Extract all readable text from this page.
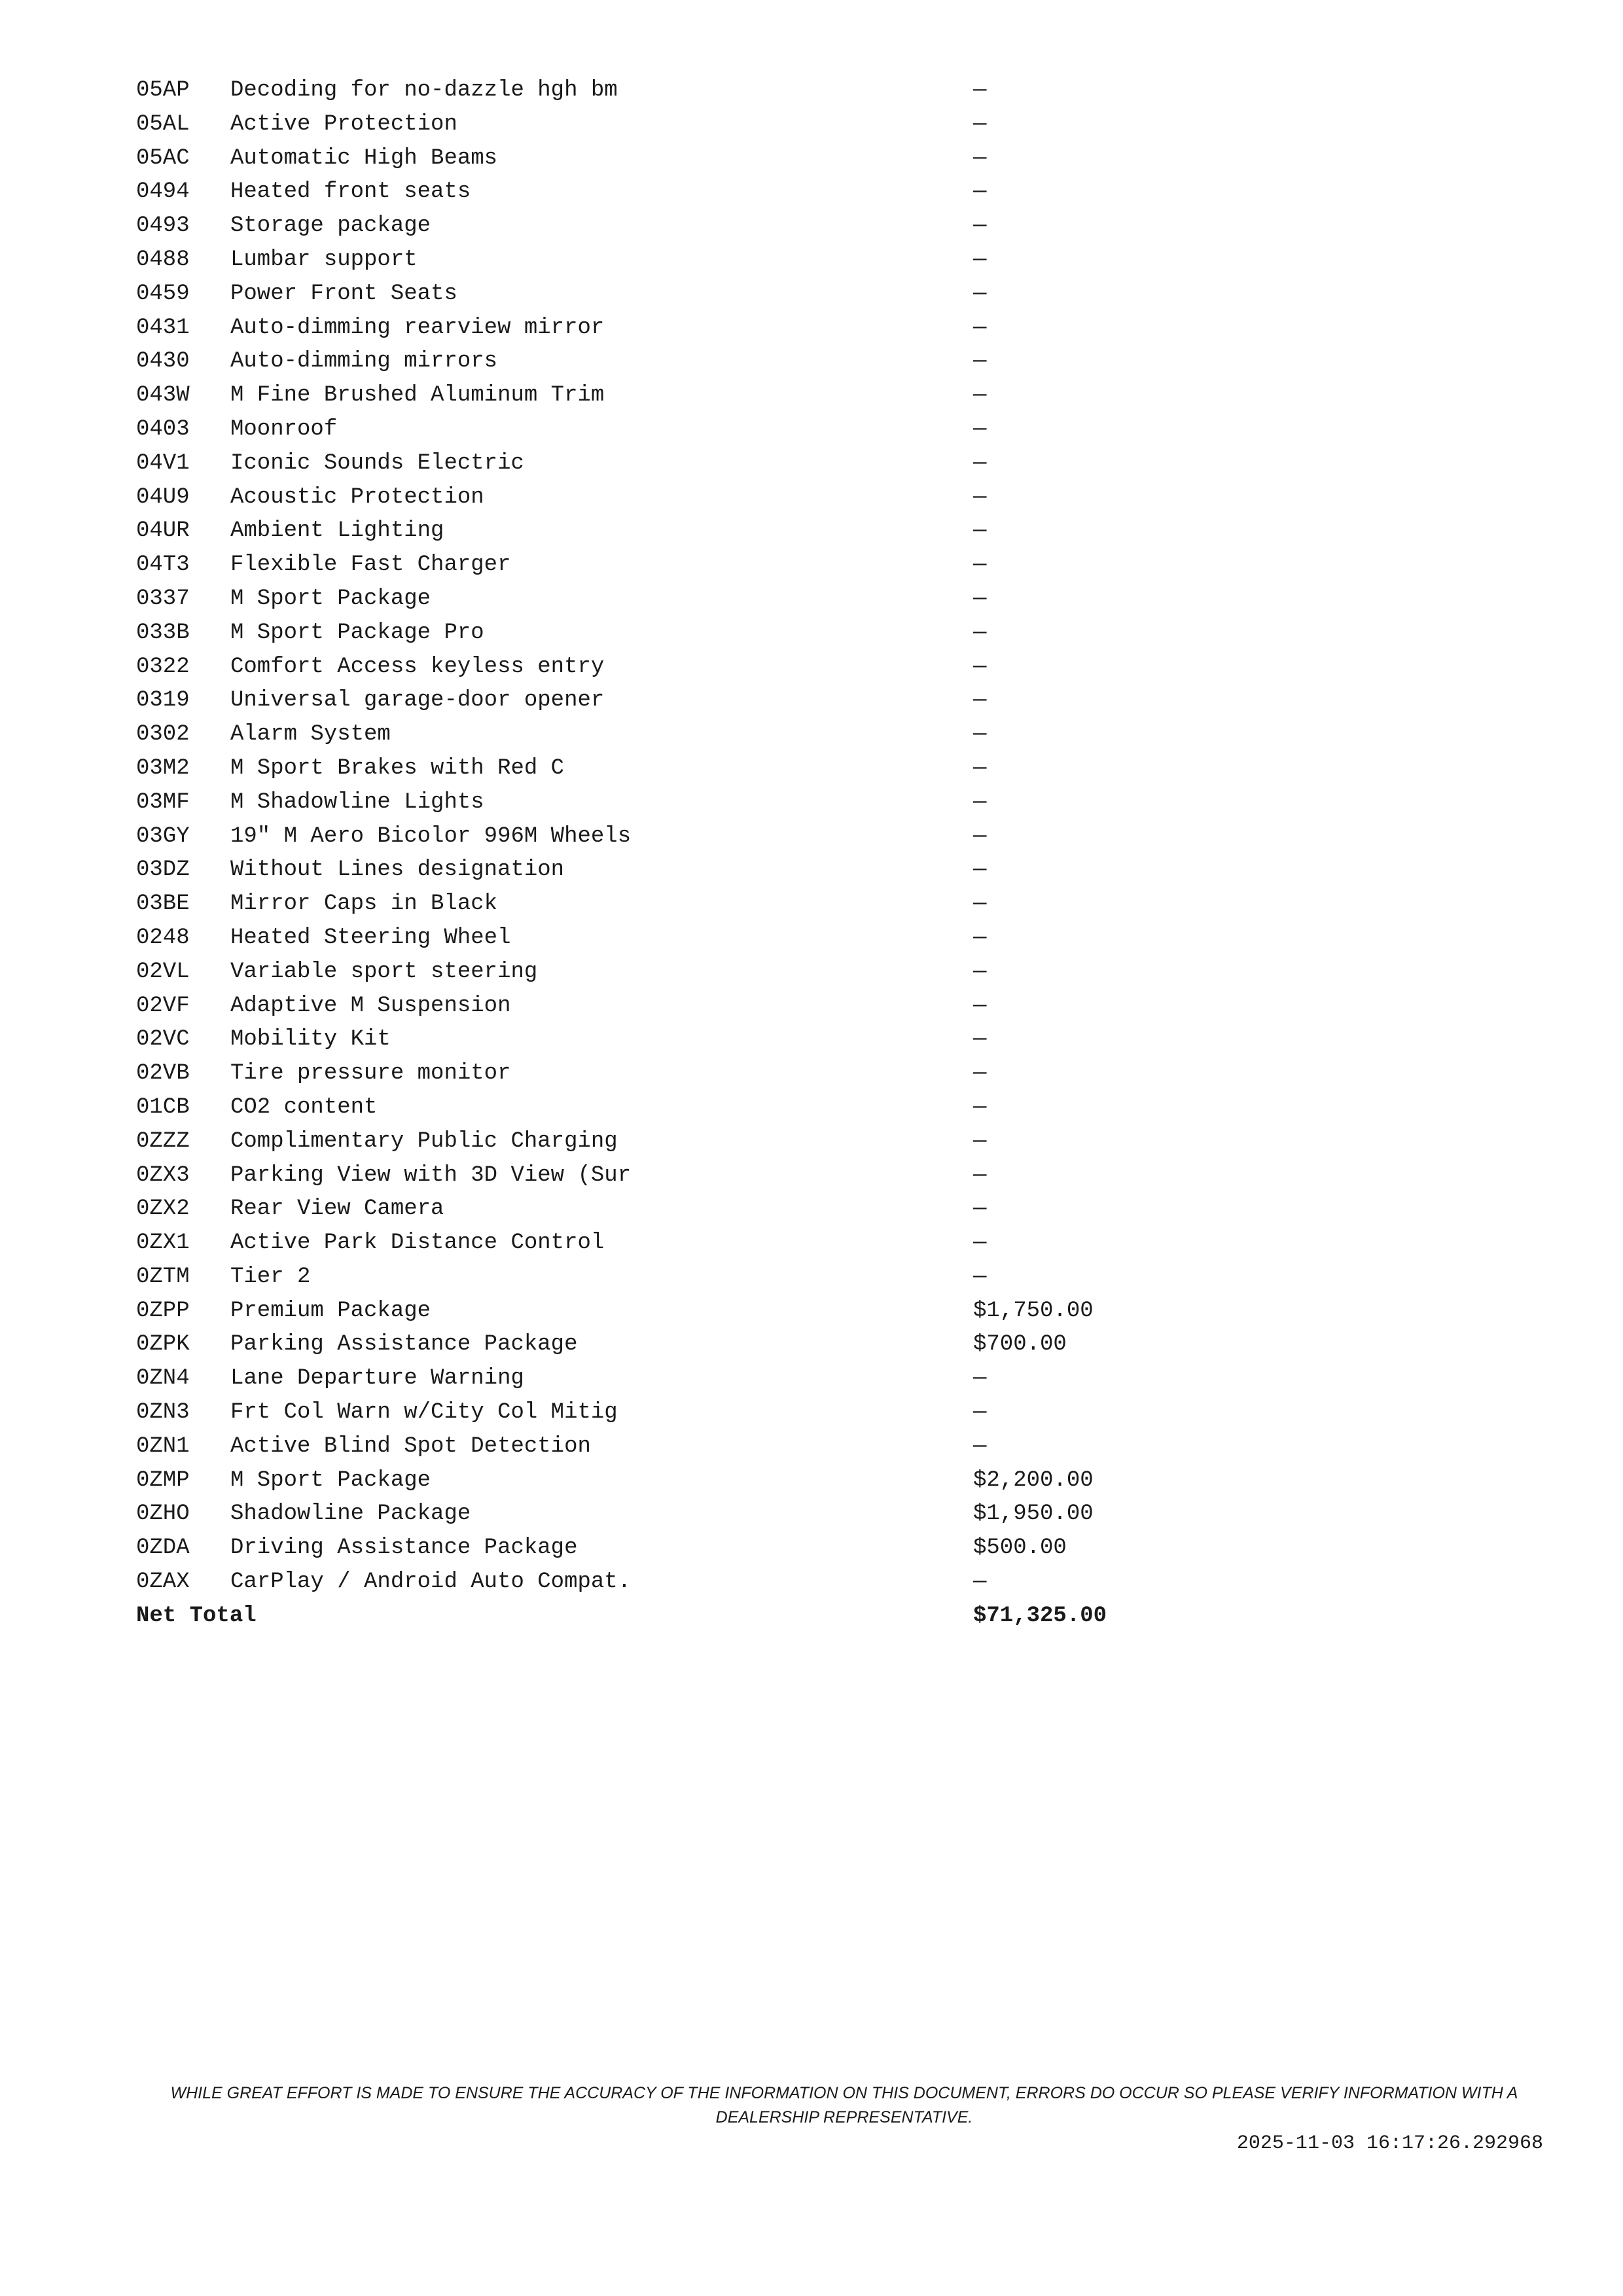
05AP	Decoding for no-dazzle hgh bm	—
05AL	Active Protection	—
05AC	Automatic High Beams	—
0494	Heated front seats	—
0493	Storage package	—
0488	Lumbar support	—
0459	Power Front Seats	—
0431	Auto-dimming rearview mirror	—
0430	Auto-dimming mirrors	—
043W	M Fine Brushed Aluminum Trim	—
0403	Moonroof	—
04V1	Iconic Sounds Electric	—
04U9	Acoustic Protection	—
04UR	Ambient Lighting	—
04T3	Flexible Fast Charger	—
0337	M Sport Package	—
033B	M Sport Package Pro	—
0322	Comfort Access keyless entry	—
0319	Universal garage-door opener	—
0302	Alarm System	—
03M2	M Sport Brakes with Red C	—
03MF	M Shadowline Lights	—
03GY	19" M Aero Bicolor 996M Wheels	—
03DZ	Without Lines designation	—
03BE	Mirror Caps in Black	—
0248	Heated Steering Wheel	—
02VL	Variable sport steering	—
02VF	Adaptive M Suspension	—
02VC	Mobility Kit	—
02VB	Tire pressure monitor	—
01CB	CO2 content	—
0ZZZ	Complimentary Public Charging	—
0ZX3	Parking View with 3D View (Sur	—
0ZX2	Rear View Camera	—
0ZX1	Active Park Distance Control	—
0ZTM	Tier 2	—
0ZPP	Premium Package	$1,750.00
0ZPK	Parking Assistance Package	$700.00
0ZN4	Lane Departure Warning	—
0ZN3	Frt Col Warn w/City Col Mitig	—
0ZN1	Active Blind Spot Detection	—
0ZMP	M Sport Package	$2,200.00
0ZHO	Shadowline Package	$1,950.00
0ZDA	Driving Assistance Package	$500.00
0ZAX	CarPlay / Android Auto Compat.	—
Net Total		$71,325.00
WHILE GREAT EFFORT IS MADE TO ENSURE THE ACCURACY OF THE INFORMATION ON THIS DOCUMENT, ERRORS DO OCCUR SO PLEASE VERIFY INFORMATION WITH A DEALERSHIP REPRESENTATIVE.
2025-11-03 16:17:26.292968
